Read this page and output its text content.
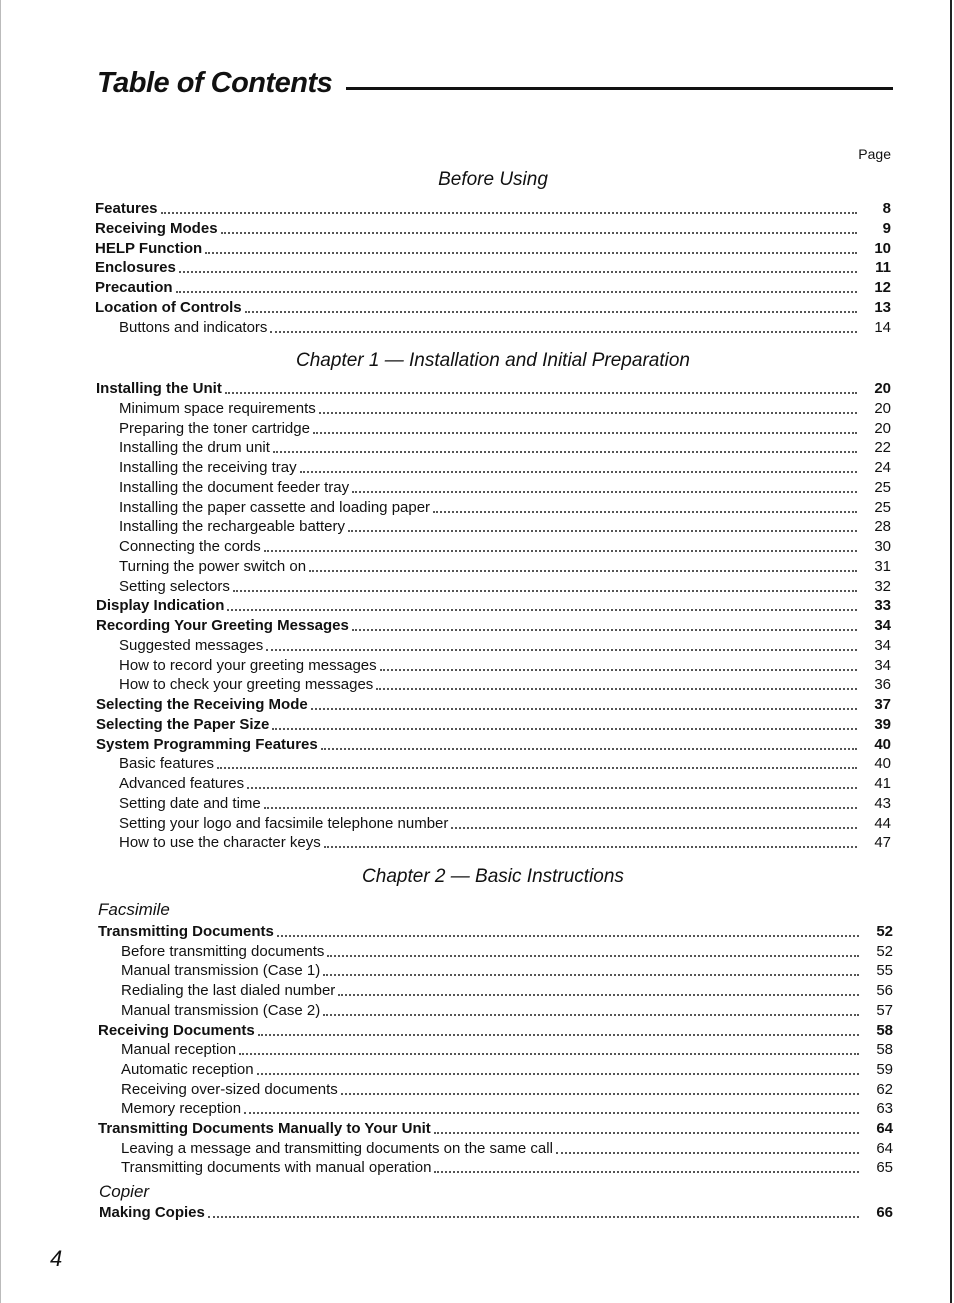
Table of Contents
Page
Before Using
Chapter 1 — Installation and Initial Preparation
Chapter 2 — Basic Instructions
Facsimile
Copier
Features	8
Receiving Modes	9
HELP Function	10
Enclosures	11
Precaution	12
Location of Controls	13
Buttons and indicators	14
Installing the Unit	20
Minimum space requirements	20
Preparing the toner cartridge	20
Installing the drum unit	22
Installing the receiving tray	24
Installing the document feeder tray	25
Installing the paper cassette and loading paper	25
Installing the rechargeable battery	28
Connecting the cords	30
Turning the power switch on	31
Setting selectors	32
Display Indication	33
Recording Your Greeting Messages	34
Suggested messages	34
How to record your greeting messages	34
How to check your greeting messages	36
Selecting the Receiving Mode	37
Selecting the Paper Size	39
System Programming Features	40
Basic features	40
Advanced features	41
Setting date and time	43
Setting your logo and facsimile telephone number	44
How to use the character keys	47
Transmitting Documents	52
Before transmitting documents	52
Manual transmission (Case 1)	55
Redialing the last dialed number	56
Manual transmission (Case 2)	57
Receiving Documents	58
Manual reception	58
Automatic reception	59
Receiving over-sized documents	62
Memory reception	63
Transmitting Documents Manually to Your Unit	64
Leaving a message and transmitting documents on the same call	64
Transmitting documents with manual operation	65
Making Copies	66
4
